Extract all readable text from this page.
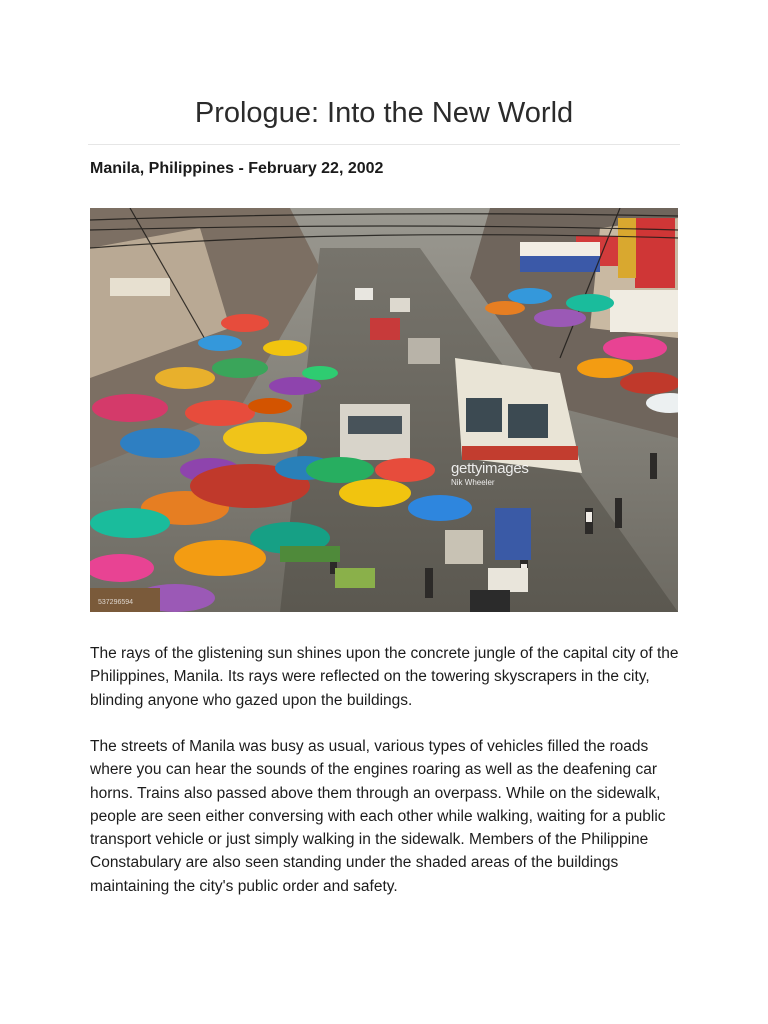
Prologue: Into the New World
Manila, Philippines - February 22, 2002
gettyimages
Nik Wheeler
537296594

The rays of the glistening sun shines upon the concrete jungle of the capital city of the Philippines, Manila. Its rays were reflected on the towering skyscrapers in the city, blinding anyone who gazed upon the buildings.

The streets of Manila was busy as usual, various types of vehicles filled the roads where you can hear the sounds of the engines roaring as well as the deafening car horns. Trains also passed above them through an overpass. While on the sidewalk, people are seen either conversing with each other while walking, waiting for a public transport vehicle or just simply walking in the sidewalk. Members of the Philippine Constabulary are also seen standing under the shaded areas of the buildings maintaining the city's public order and safety.
